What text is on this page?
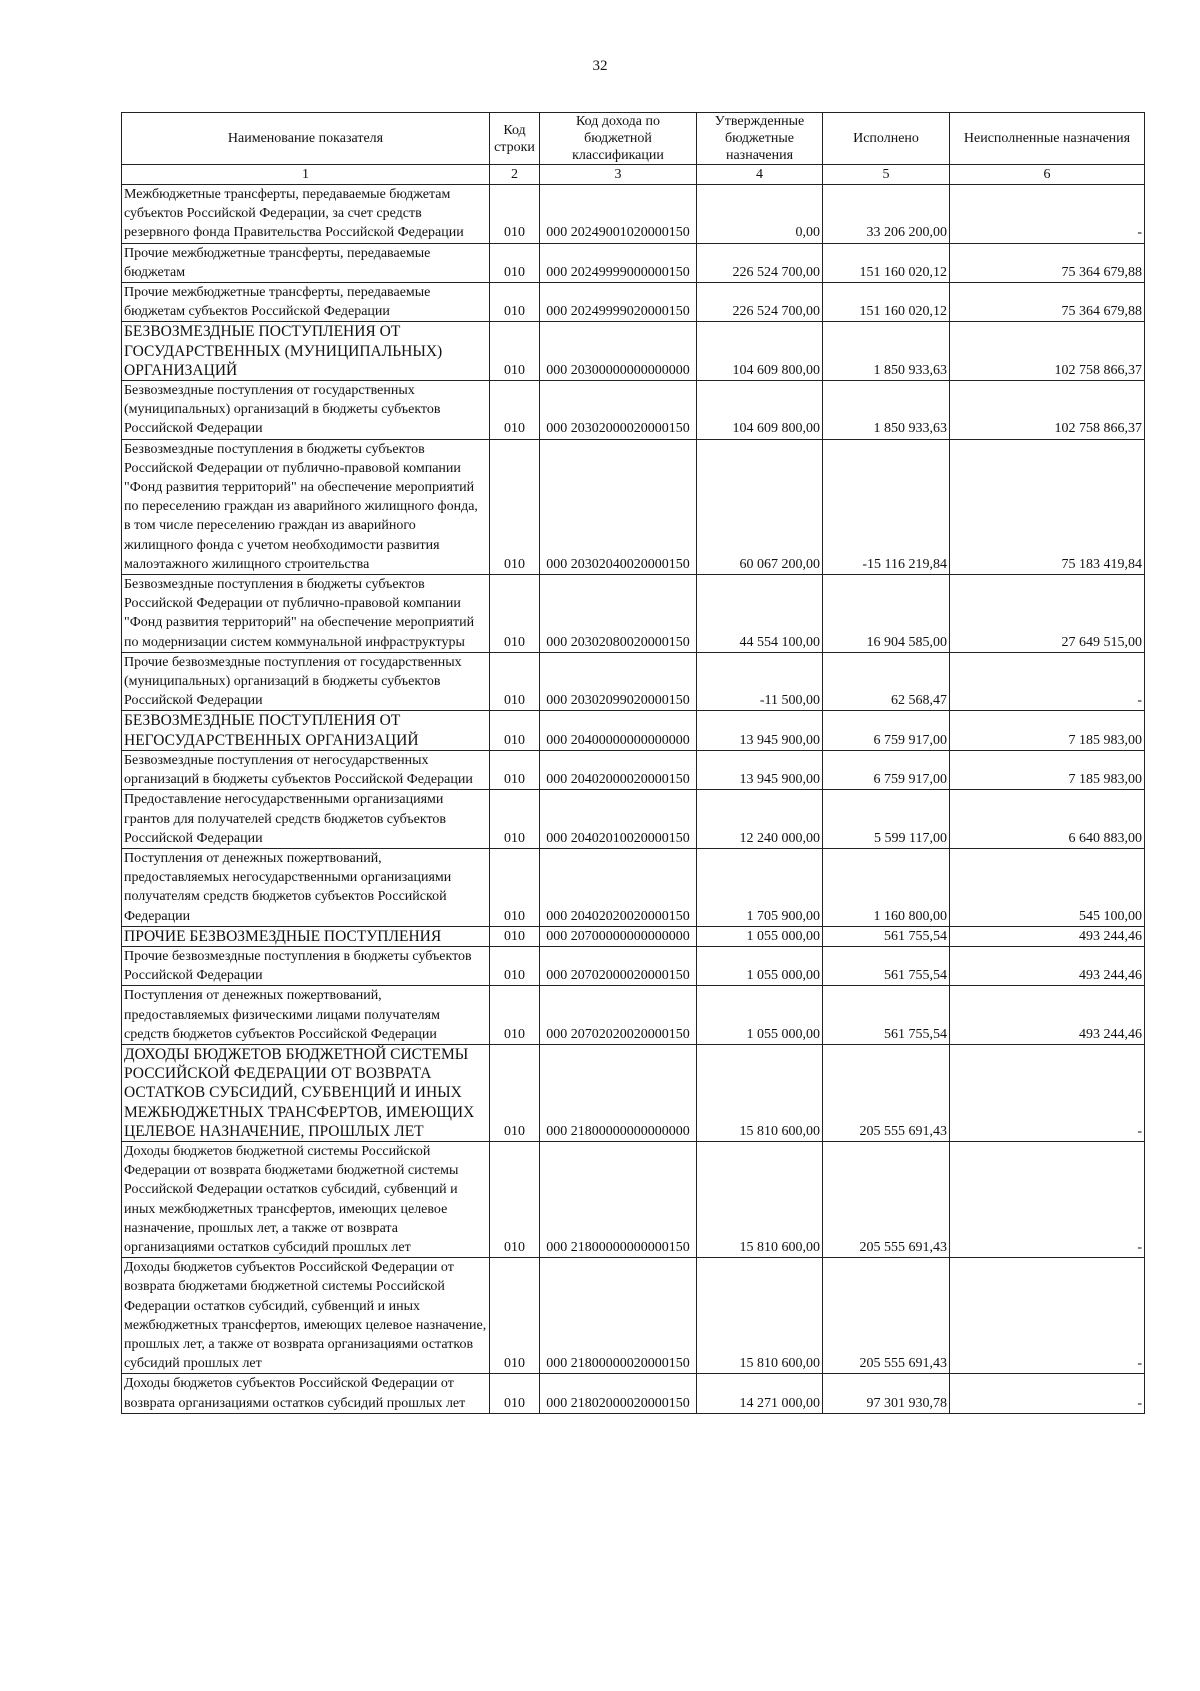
32
Наименование показателя	Код строки	Код дохода по бюджетной классификации	Утвержденные бюджетные назначения	Исполнено	Неисполненные назначения
1	2	3	4	5	6
Межбюджетные трансферты, передаваемые бюджетам субъектов Российской Федерации, за счет средств резервного фонда Правительства Российской Федерации	010	000 20249001020000150	0,00	33 206 200,00	-
Прочие межбюджетные трансферты, передаваемые бюджетам	010	000 20249999000000150	226 524 700,00	151 160 020,12	75 364 679,88
Прочие межбюджетные трансферты, передаваемые бюджетам субъектов Российской Федерации	010	000 20249999020000150	226 524 700,00	151 160 020,12	75 364 679,88
БЕЗВОЗМЕЗДНЫЕ ПОСТУПЛЕНИЯ ОТ ГОСУДАРСТВЕННЫХ (МУНИЦИПАЛЬНЫХ) ОРГАНИЗАЦИЙ	010	000 20300000000000000	104 609 800,00	1 850 933,63	102 758 866,37
Безвозмездные поступления от государственных (муниципальных) организаций в бюджеты субъектов Российской Федерации	010	000 20302000020000150	104 609 800,00	1 850 933,63	102 758 866,37
Безвозмездные поступления в бюджеты субъектов Российской Федерации от публично-правовой компании "Фонд развития территорий" на обеспечение мероприятий по переселению граждан из аварийного жилищного фонда, в том числе переселению граждан из аварийного жилищного фонда с учетом необходимости развития малоэтажного жилищного строительства	010	000 20302040020000150	60 067 200,00	-15 116 219,84	75 183 419,84
Безвозмездные поступления в бюджеты субъектов Российской Федерации от публично-правовой компании "Фонд развития территорий" на обеспечение мероприятий по модернизации систем коммунальной инфраструктуры	010	000 20302080020000150	44 554 100,00	16 904 585,00	27 649 515,00
Прочие безвозмездные поступления от государственных (муниципальных) организаций в бюджеты субъектов Российской Федерации	010	000 20302099020000150	-11 500,00	62 568,47	-
БЕЗВОЗМЕЗДНЫЕ ПОСТУПЛЕНИЯ ОТ НЕГОСУДАРСТВЕННЫХ ОРГАНИЗАЦИЙ	010	000 20400000000000000	13 945 900,00	6 759 917,00	7 185 983,00
Безвозмездные поступления от негосударственных организаций в бюджеты субъектов Российской Федерации	010	000 20402000020000150	13 945 900,00	6 759 917,00	7 185 983,00
Предоставление негосударственными организациями грантов для получателей средств бюджетов субъектов Российской Федерации	010	000 20402010020000150	12 240 000,00	5 599 117,00	6 640 883,00
Поступления от денежных пожертвований, предоставляемых негосударственными организациями получателям средств бюджетов субъектов Российской Федерации	010	000 20402020020000150	1 705 900,00	1 160 800,00	545 100,00
ПРОЧИЕ БЕЗВОЗМЕЗДНЫЕ ПОСТУПЛЕНИЯ	010	000 20700000000000000	1 055 000,00	561 755,54	493 244,46
Прочие безвозмездные поступления в бюджеты субъектов Российской Федерации	010	000 20702000020000150	1 055 000,00	561 755,54	493 244,46
Поступления от денежных пожертвований, предоставляемых физическими лицами получателям средств бюджетов субъектов Российской Федерации	010	000 20702020020000150	1 055 000,00	561 755,54	493 244,46
ДОХОДЫ БЮДЖЕТОВ БЮДЖЕТНОЙ СИСТЕМЫ РОССИЙСКОЙ ФЕДЕРАЦИИ ОТ ВОЗВРАТА ОСТАТКОВ СУБСИДИЙ, СУБВЕНЦИЙ И ИНЫХ МЕЖБЮДЖЕТНЫХ ТРАНСФЕРТОВ, ИМЕЮЩИХ ЦЕЛЕВОЕ НАЗНАЧЕНИЕ, ПРОШЛЫХ ЛЕТ	010	000 21800000000000000	15 810 600,00	205 555 691,43	-
Доходы бюджетов бюджетной системы Российской Федерации от возврата бюджетами бюджетной системы Российской Федерации остатков субсидий, субвенций и иных межбюджетных трансфертов, имеющих целевое назначение, прошлых лет, а также от возврата организациями остатков субсидий прошлых лет	010	000 21800000000000150	15 810 600,00	205 555 691,43	-
Доходы бюджетов субъектов Российской Федерации от возврата бюджетами бюджетной системы Российской Федерации остатков субсидий, субвенций и иных межбюджетных трансфертов, имеющих целевое назначение, прошлых лет, а также от возврата организациями остатков субсидий прошлых лет	010	000 21800000020000150	15 810 600,00	205 555 691,43	-
Доходы бюджетов субъектов Российской Федерации от возврата организациями остатков субсидий прошлых лет	010	000 21802000020000150	14 271 000,00	97 301 930,78	-
